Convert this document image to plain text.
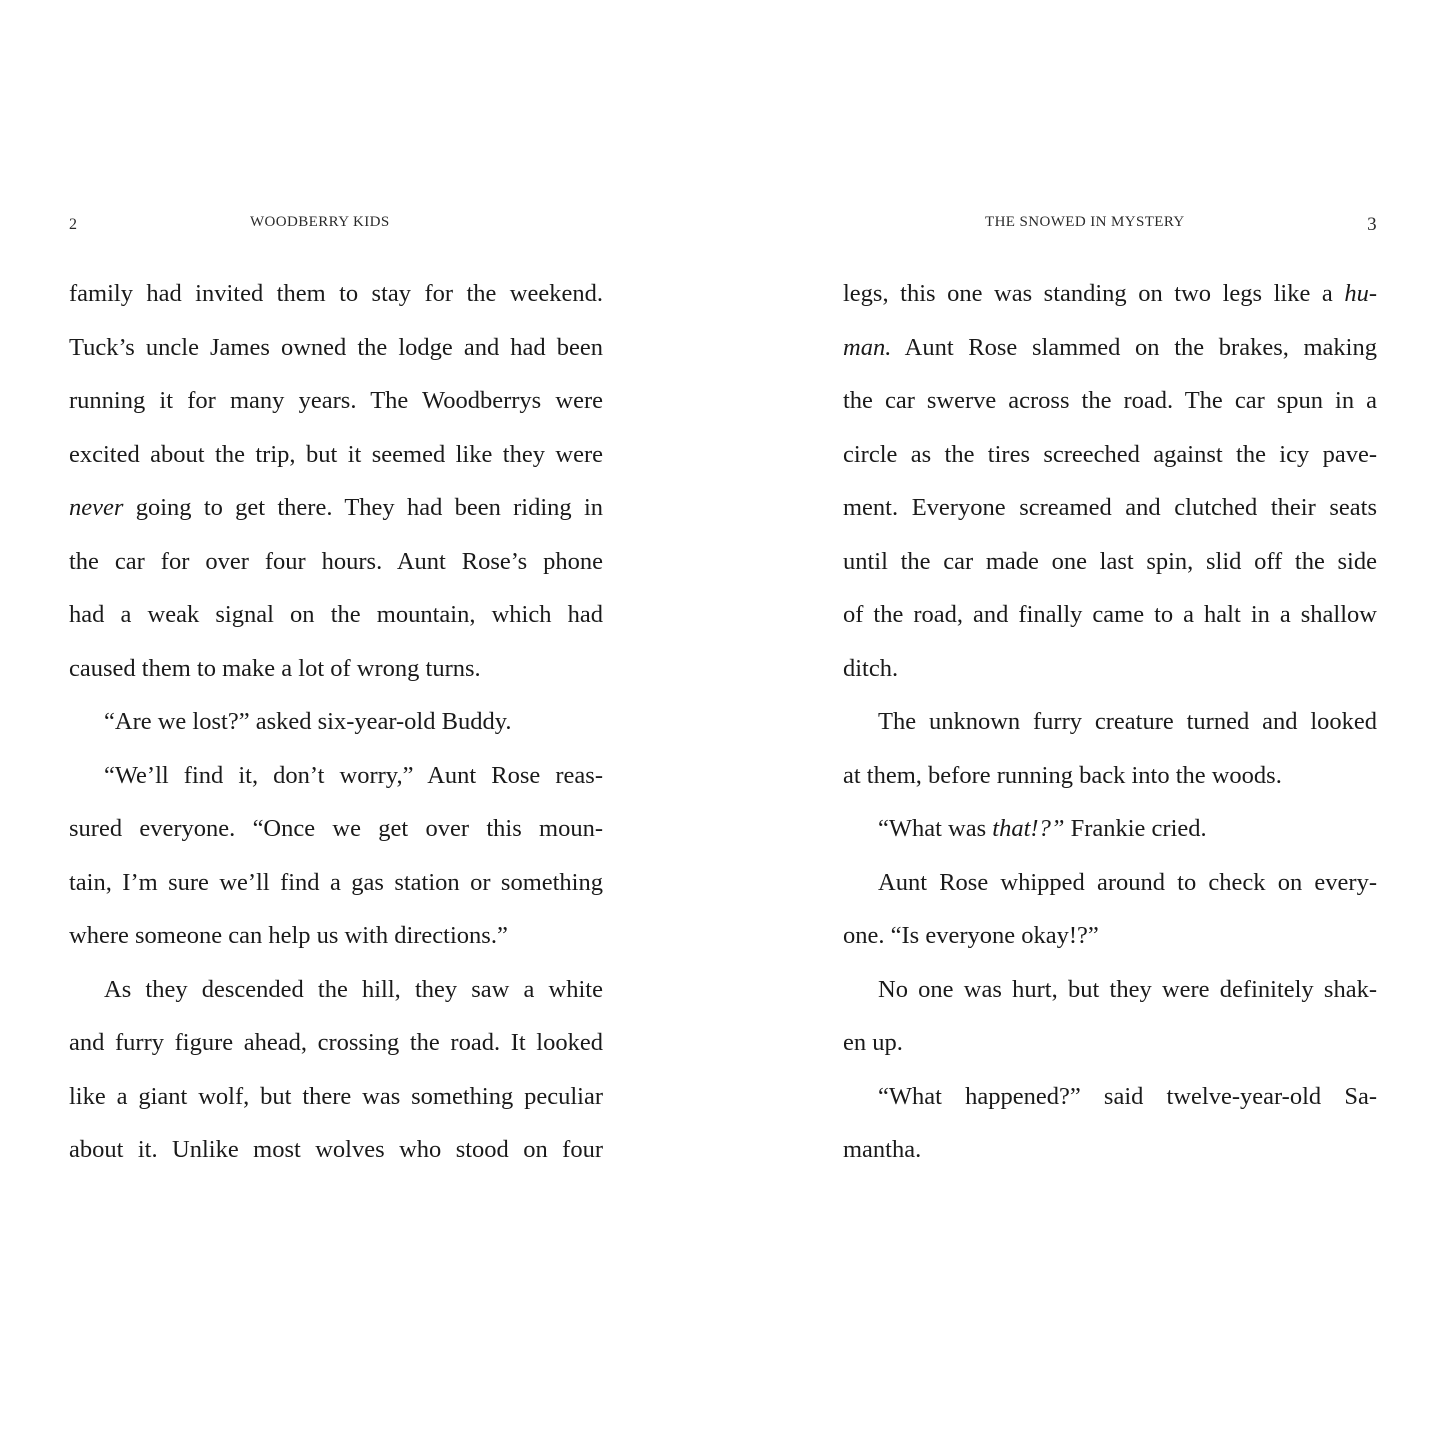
2	WOODBERRY KIDS
family had invited them to stay for the weekend.
Tuck’s uncle James owned the lodge and had been
running it for many years. The Woodberrys were
excited about the trip, but it seemed like they were
never going to get there. They had been riding in
the car for over four hours. Aunt Rose’s phone
had a weak signal on the mountain, which had
caused them to make a lot of wrong turns.
“Are we lost?” asked six-year-old Buddy.
“We’ll find it, don’t worry,” Aunt Rose reas-
sured everyone. “Once we get over this moun-
tain, I’m sure we’ll find a gas station or something
where someone can help us with directions.”
As they descended the hill, they saw a white
and furry figure ahead, crossing the road. It looked
like a giant wolf, but there was something peculiar
about it. Unlike most wolves who stood on four
THE SNOWED IN MYSTERY	3
legs, this one was standing on two legs like a hu-
man. Aunt Rose slammed on the brakes, making
the car swerve across the road. The car spun in a
circle as the tires screeched against the icy pave-
ment. Everyone screamed and clutched their seats
until the car made one last spin, slid off the side
of the road, and finally came to a halt in a shallow
ditch.
The unknown furry creature turned and looked
at them, before running back into the woods.
“What was that!?” Frankie cried.
Aunt Rose whipped around to check on every-
one. “Is everyone okay!?”
No one was hurt, but they were definitely shak-
en up.
“What happened?” said twelve-year-old Sa-
mantha.
